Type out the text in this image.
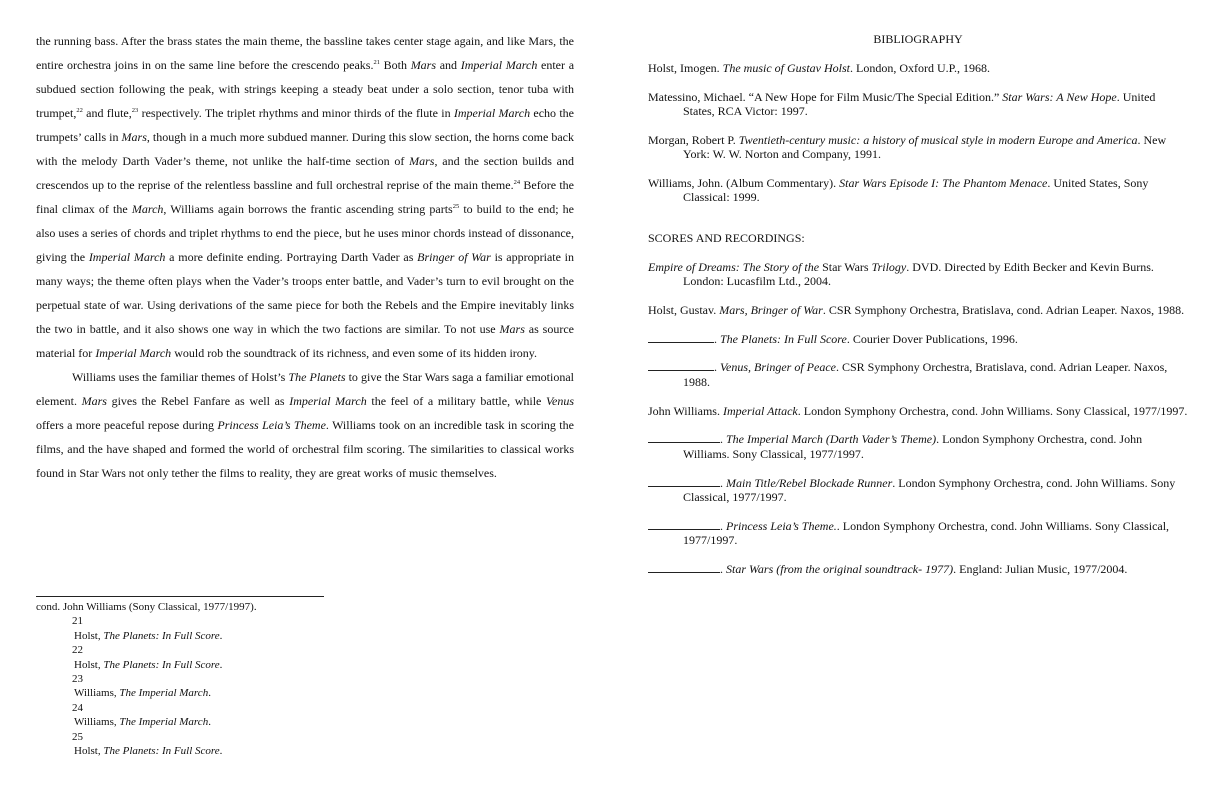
the running bass. After the brass states the main theme, the bassline takes center stage again, and like Mars, the entire orchestra joins in on the same line before the crescendo peaks.$^{21}$ Both Mars and Imperial March enter a subdued section following the peak, with strings keeping a steady beat under a solo section, tenor tuba with trumpet,$^{22}$ and flute,$^{23}$ respectively. The triplet rhythms and minor thirds of the flute in Imperial March echo the trumpets’ calls in Mars, though in a much more subdued manner. During this slow section, the horns come back with the melody Darth Vader’s theme, not unlike the half-time section of Mars, and the section builds and crescendos up to the reprise of the relentless bassline and full orchestral reprise of the main theme.$^{24}$ Before the final climax of the March, Williams again borrows the frantic ascending string parts$^{25}$ to build to the end; he also uses a series of chords and triplet rhythms to end the piece, but he uses minor chords instead of dissonance, giving the Imperial March a more definite ending. Portraying Darth Vader as Bringer of War is appropriate in many ways; the theme often plays when the Vader’s troops enter battle, and Vader’s turn to evil brought on the perpetual state of war. Using derivations of the same piece for both the Rebels and the Empire inevitably links the two in battle, and it also shows one way in which the two factions are similar. To not use Mars as source material for Imperial March would rob the soundtrack of its richness, and even some of its hidden irony.

Williams uses the familiar themes of Holst’s The Planets to give the Star Wars saga a familiar emotional element. Mars gives the Rebel Fanfare as well as Imperial March the feel of a military battle, while Venus offers a more peaceful repose during Princess Leia’s Theme. Williams took on an incredible task in scoring the films, and the have shaped and formed the world of orchestral film scoring. The similarities to classical works found in Star Wars not only tether the films to reality, they are great works of music themselves.

cond. John Williams (Sony Classical, 1977/1997).

21
Holst, The Planets: In Full Score.
22
Holst, The Planets: In Full Score.
23
Williams, The Imperial March.
24
Williams, The Imperial March.
25
Holst, The Planets: In Full Score.
BIBLIOGRAPHY

Holst, Imogen. The music of Gustav Holst. London, Oxford U.P., 1968.

Matessino, Michael. “A New Hope for Film Music/The Special Edition.” Star Wars: A New Hope. United States, RCA Victor: 1997.

Morgan, Robert P. Twentieth-century music: a history of musical style in modern Europe and America. New York: W. W. Norton and Company, 1991.

Williams, John. (Album Commentary). Star Wars Episode I: The Phantom Menace. United States, Sony Classical: 1999.

SCORES AND RECORDINGS:

Empire of Dreams: The Story of the Star Wars Trilogy. DVD. Directed by Edith Becker and Kevin Burns. London: Lucasfilm Ltd., 2004.

Holst, Gustav. Mars, Bringer of War. CSR Symphony Orchestra, Bratislava, cond. Adrian Leaper. Naxos, 1988.

. The Planets: In Full Score. Courier Dover Publications, 1996.

. Venus, Bringer of Peace. CSR Symphony Orchestra, Bratislava, cond. Adrian Leaper. Naxos, 1988.

John Williams. Imperial Attack. London Symphony Orchestra, cond. John Williams. Sony Classical, 1977/1997.

. The Imperial March (Darth Vader’s Theme). London Symphony Orchestra, cond. John Williams. Sony Classical, 1977/1997.

. Main Title/Rebel Blockade Runner. London Symphony Orchestra, cond. John Williams. Sony Classical, 1977/1997.

. Princess Leia’s Theme.. London Symphony Orchestra, cond. John Williams. Sony Classical, 1977/1997.

. Star Wars (from the original soundtrack- 1977). England: Julian Music, 1977/2004.
